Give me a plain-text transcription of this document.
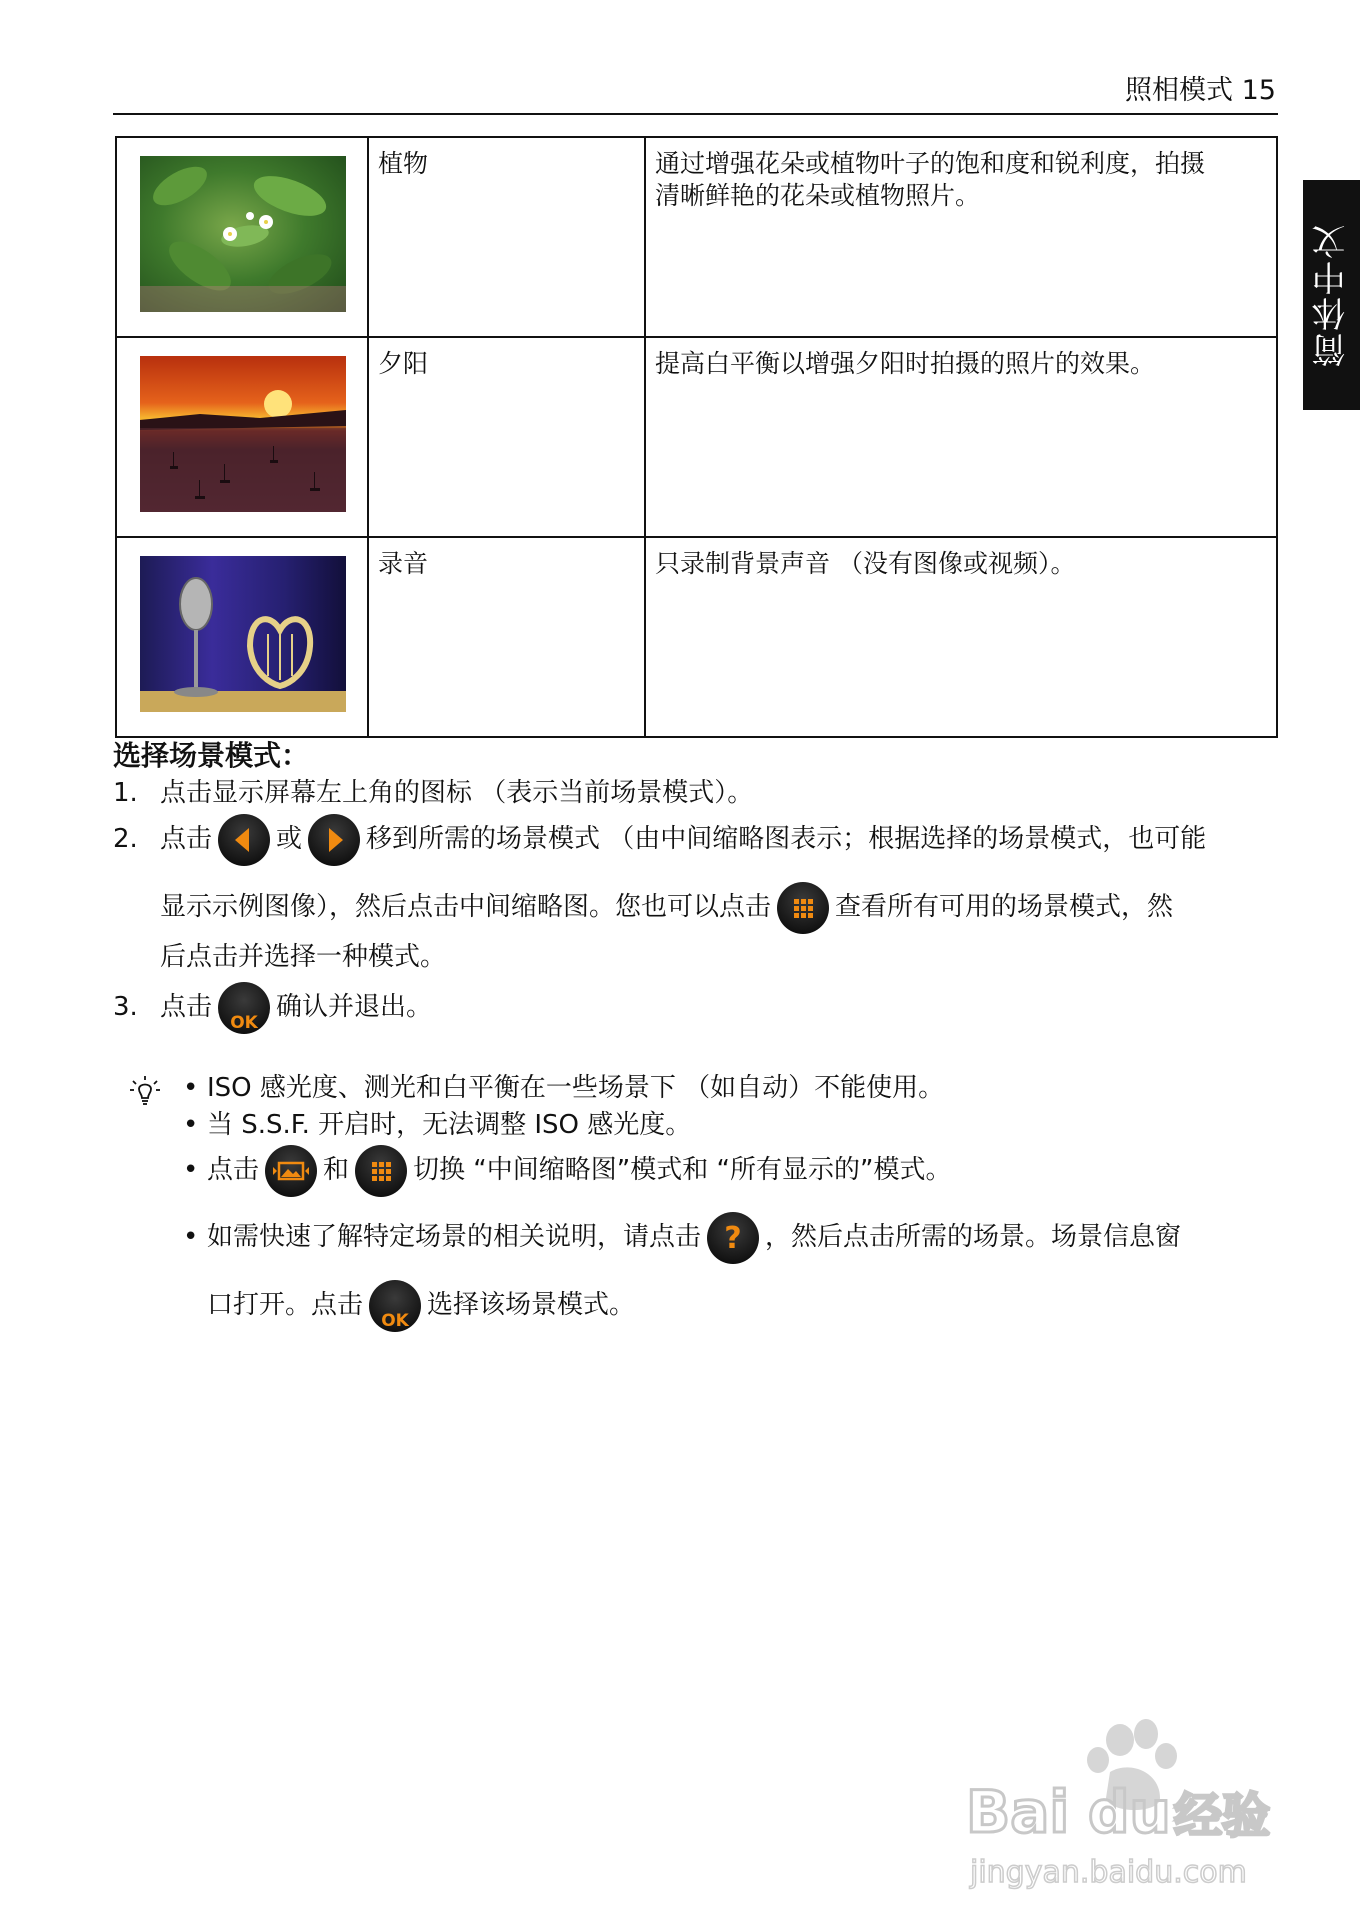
照相模式 15
简体中文
	植物	通过增强花朵或植物叶子的饱和度和锐利度，拍摄
清晰鲜艳的花朵或植物照片。

	夕阳	提高白平衡以增强夕阳时拍摄的照片的效果。

	录音	只录制背景声音 （没有图像或视频）。
选择场景模式：
1. 点击显示屏幕左上角的图标 （表示当前场景模式）。
2. 点击 或 移到所需的场景模式 （由中间缩略图表示；根据选择的场景模式，也可能
显示示例图像），然后点击中间缩略图。您也可以点击 查看所有可用的场景模式，然
后点击并选择一种模式。
3. 点击
OK
确认并退出。
• ISO 感光度、测光和白平衡在一些场景下 （如自动）不能使用。
• 当 S.S.F. 开启时，无法调整 ISO 感光度。
• 点击 和 切换 “中间缩略图”模式和 “所有显示的”模式。
• 如需快速了解特定场景的相关说明，请点击 ? ，然后点击所需的场景。场景信息窗
口打开。点击
OK
选择该场景模式。
Bai du 经验
jingyan.baidu.com
